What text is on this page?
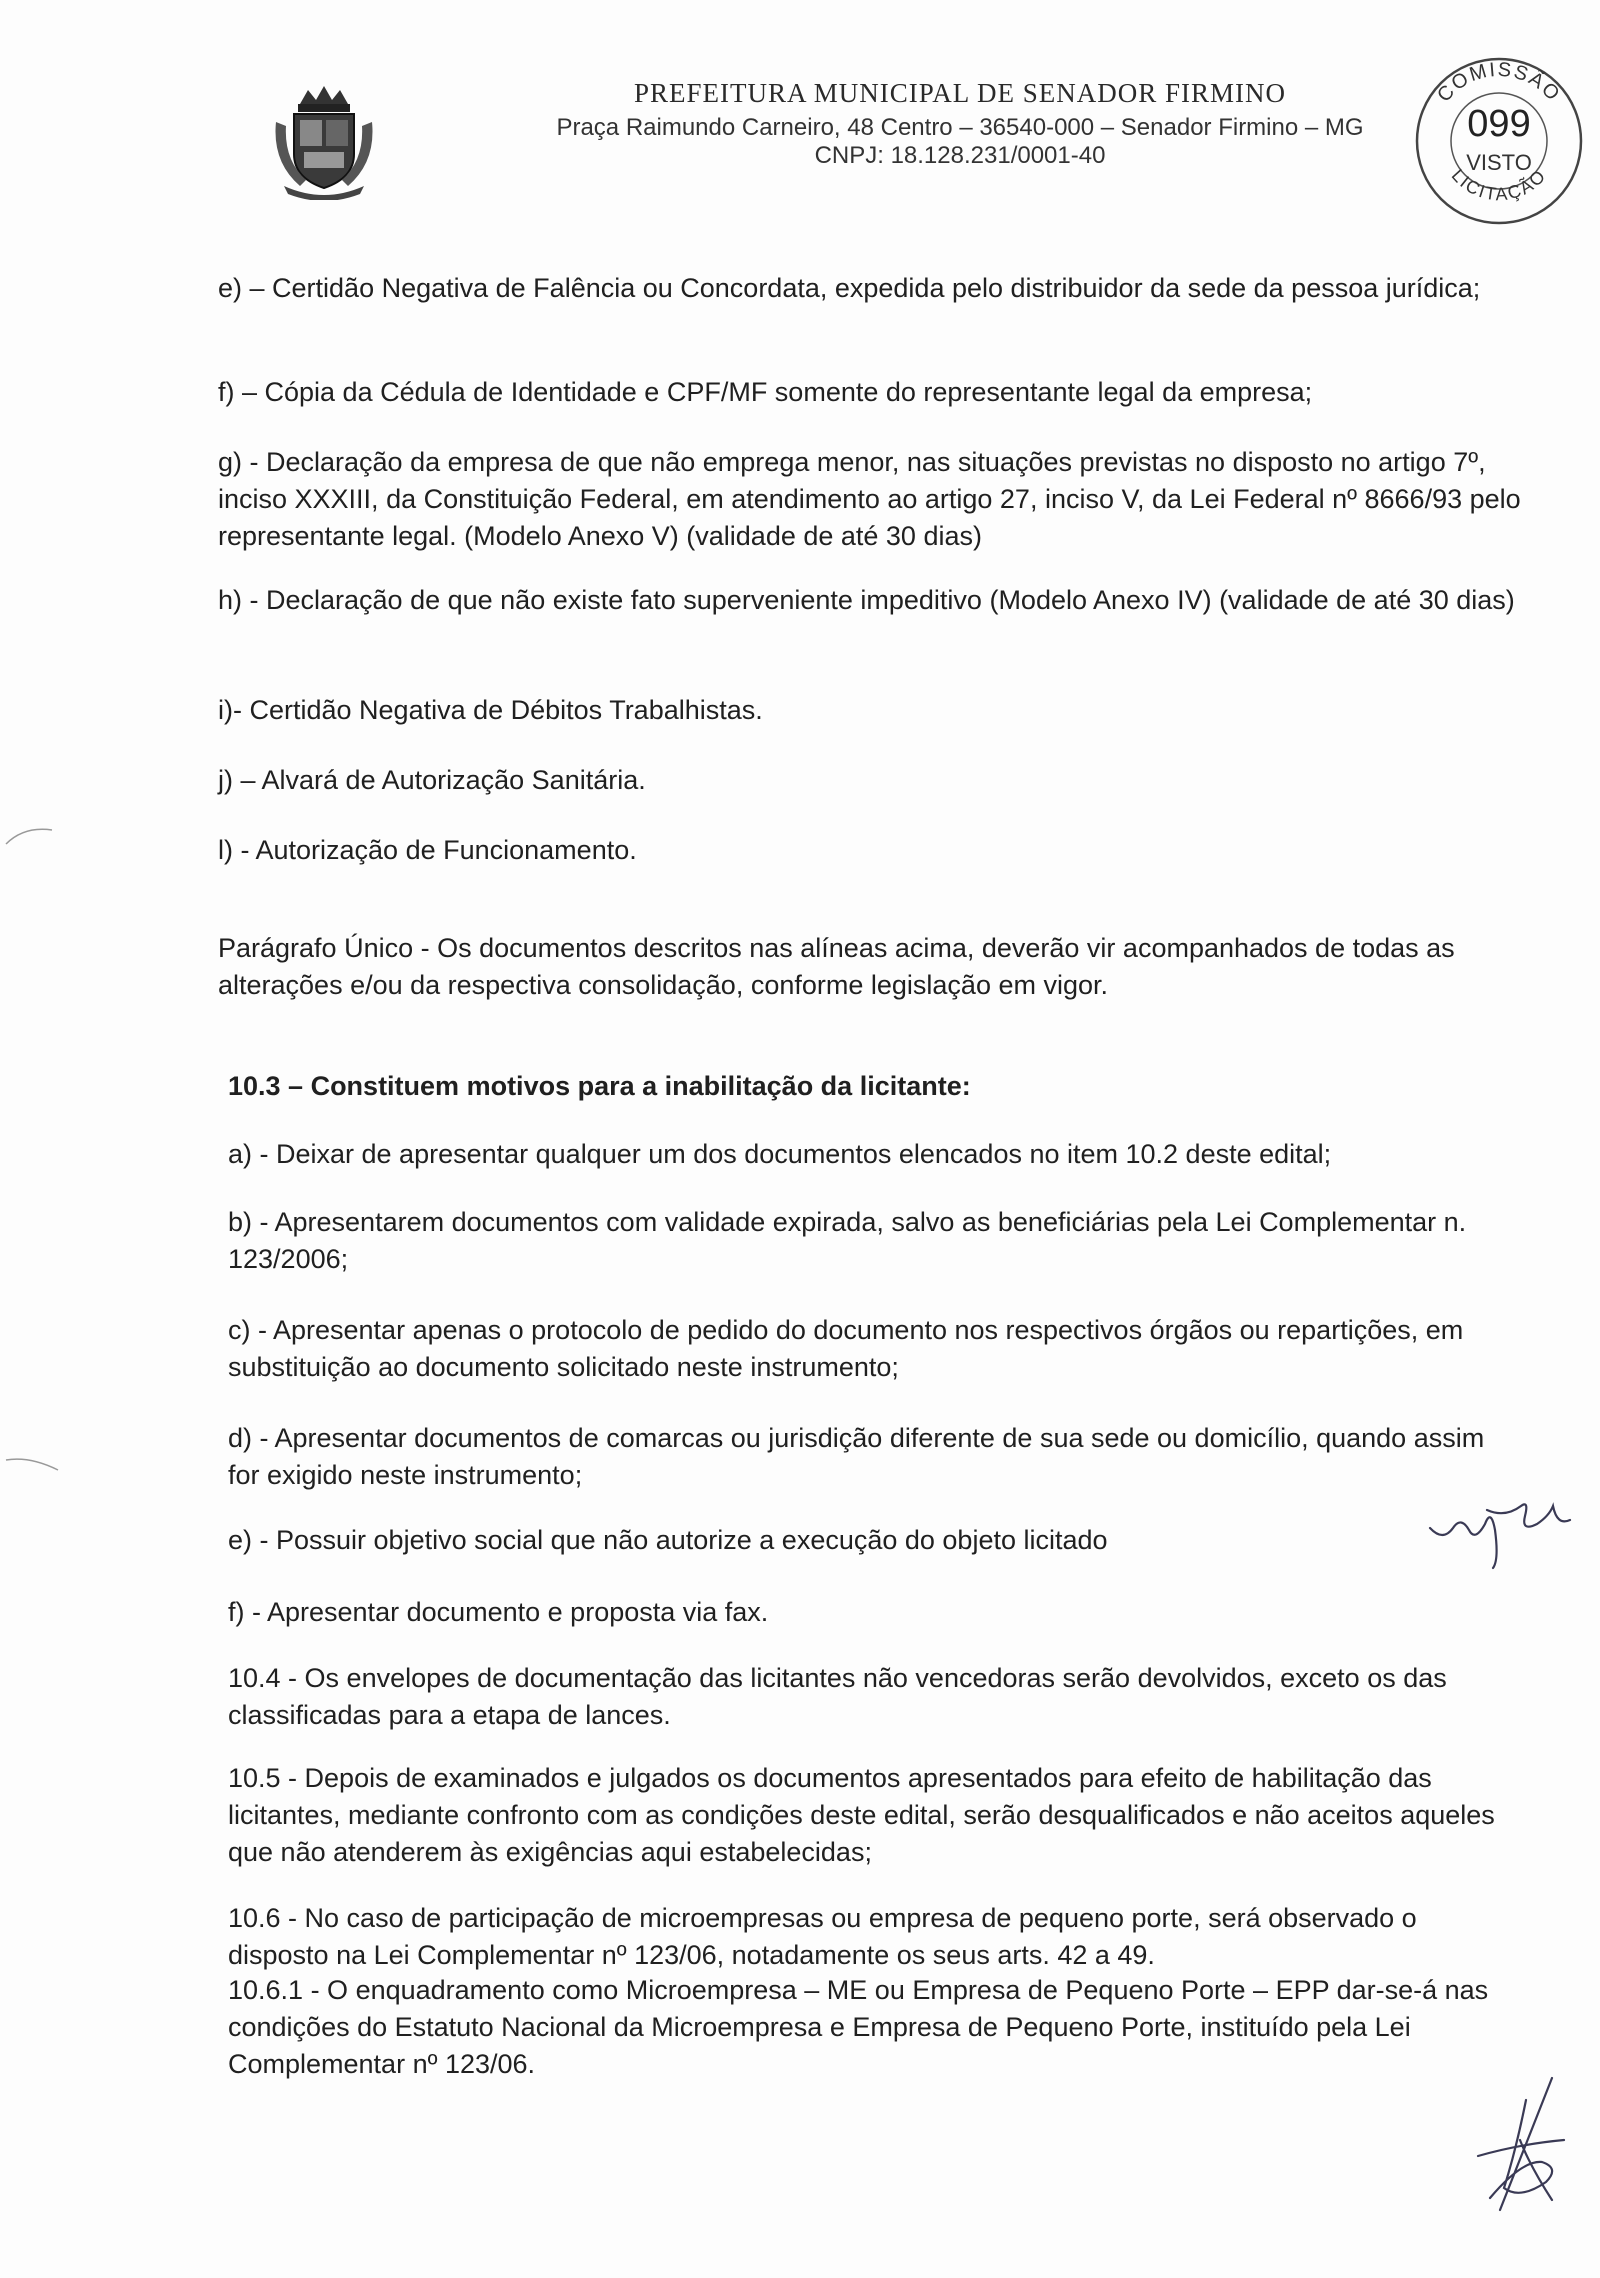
PREFEITURA MUNICIPAL DE SENADOR FIRMINO
Praça Raimundo Carneiro, 48 Centro – 36540-000 – Senador Firmino – MG
CNPJ: 18.128.231/0001-40
COMISSÃO
LICITAÇÃO
099
VISTO
e) – Certidão Negativa de Falência ou Concordata, expedida pelo distribuidor da sede da pessoa jurídica;
f) – Cópia da Cédula de Identidade e CPF/MF somente do representante legal da empresa;
g) - Declaração da empresa de que não emprega menor, nas situações previstas no disposto no artigo 7º, inciso XXXIII, da Constituição Federal, em atendimento ao artigo 27, inciso V, da Lei Federal nº 8666/93 pelo representante legal. (Modelo Anexo V) (validade de até 30 dias)
h) - Declaração de que não existe fato superveniente impeditivo (Modelo Anexo IV) (validade de até 30 dias)
i)- Certidão Negativa de Débitos Trabalhistas.
j) – Alvará de Autorização Sanitária.
l) - Autorização de Funcionamento.
Parágrafo Único - Os documentos descritos nas alíneas acima, deverão vir acompanhados de todas as alterações e/ou da respectiva consolidação, conforme legislação em vigor.
10.3 – Constituem motivos para a inabilitação da licitante:
a) - Deixar de apresentar qualquer um dos documentos elencados no item 10.2 deste edital;
b) - Apresentarem documentos com validade expirada, salvo as beneficiárias pela Lei Complementar n. 123/2006;
c) - Apresentar apenas o protocolo de pedido do documento nos respectivos órgãos ou repartições, em substituição ao documento solicitado neste instrumento;
d) - Apresentar documentos de comarcas ou jurisdição diferente de sua sede ou domicílio, quando assim for exigido neste instrumento;
e) - Possuir objetivo social que não autorize a execução do objeto licitado
f) - Apresentar documento e proposta via fax.
10.4 - Os envelopes de documentação das licitantes não vencedoras serão devolvidos, exceto os das classificadas para a etapa de lances.
10.5 - Depois de examinados e julgados os documentos apresentados para efeito de habilitação das licitantes, mediante confronto com as condições deste edital, serão desqualificados e não aceitos aqueles que não atenderem às exigências aqui estabelecidas;
10.6 - No caso de participação de microempresas ou empresa de pequeno porte, será observado o disposto na Lei Complementar nº 123/06, notadamente os seus arts. 42 a 49.
10.6.1 - O enquadramento como Microempresa – ME ou Empresa de Pequeno Porte – EPP dar-se-á nas condições do Estatuto Nacional da Microempresa e Empresa de Pequeno Porte, instituído pela Lei Complementar nº 123/06.
